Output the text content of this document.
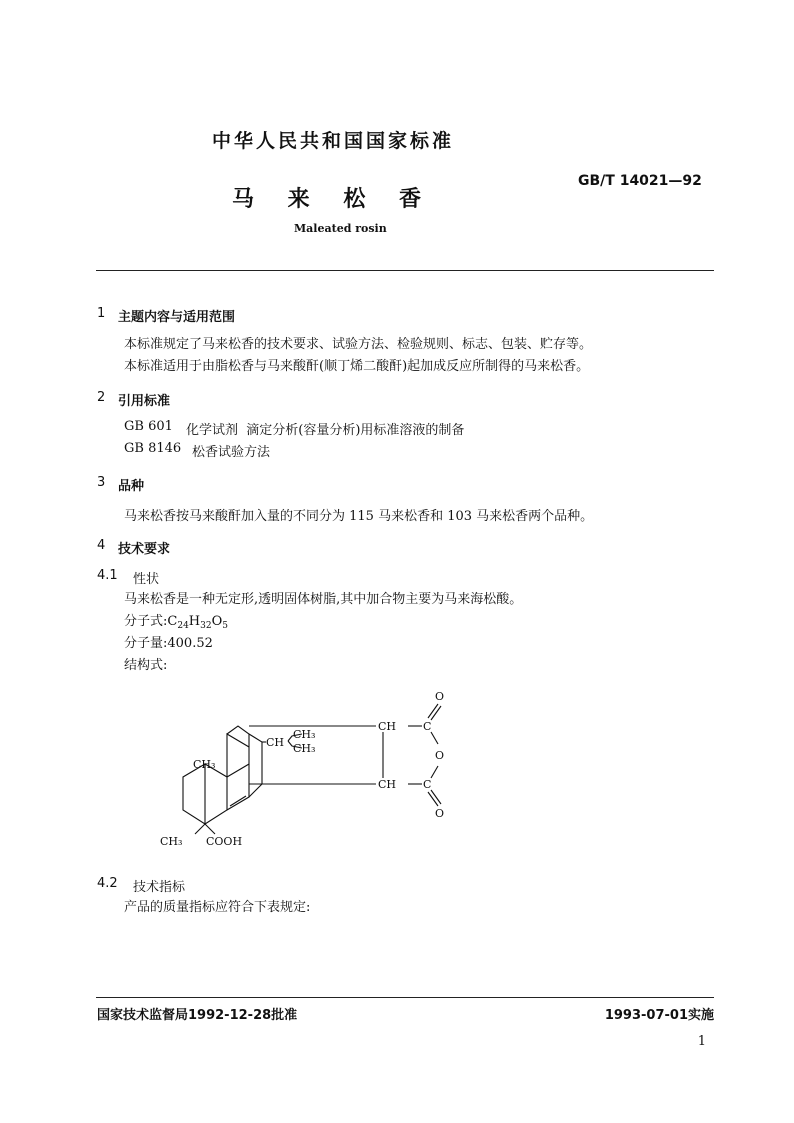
中华人民共和国国家标准
GB/T 14021—92
马 来 松 香
Maleated rosin
1 主题内容与适用范围
本标准规定了马来松香的技术要求、试验方法、检验规则、标志、包装、贮存等。
本标准适用于由脂松香与马来酸酐(顺丁烯二酸酐)起加成反应所制得的马来松香。
2 引用标准
GB 601 化学试剂  滴定分析(容量分析)用标准溶液的制备
GB 8146 松香试验方法
3 品种
马来松香按马来酸酐加入量的不同分为 115 马来松香和 103 马来松香两个品种。
4 技术要求
4.1 性状
马来松香是一种无定形,透明固体树脂,其中加合物主要为马来海松酸。
分子式$:C_{24}H_{32}O_5$
分子量:400.52
结构式:
CH₃
CH₃
CH
CH₃
CH₃ COOH
CH
CH
C
C
O
O
O
4.2 技术指标
产品的质量指标应符合下表规定:
国家技术监督局1992-12-28批准	1993-07-01实施
1
